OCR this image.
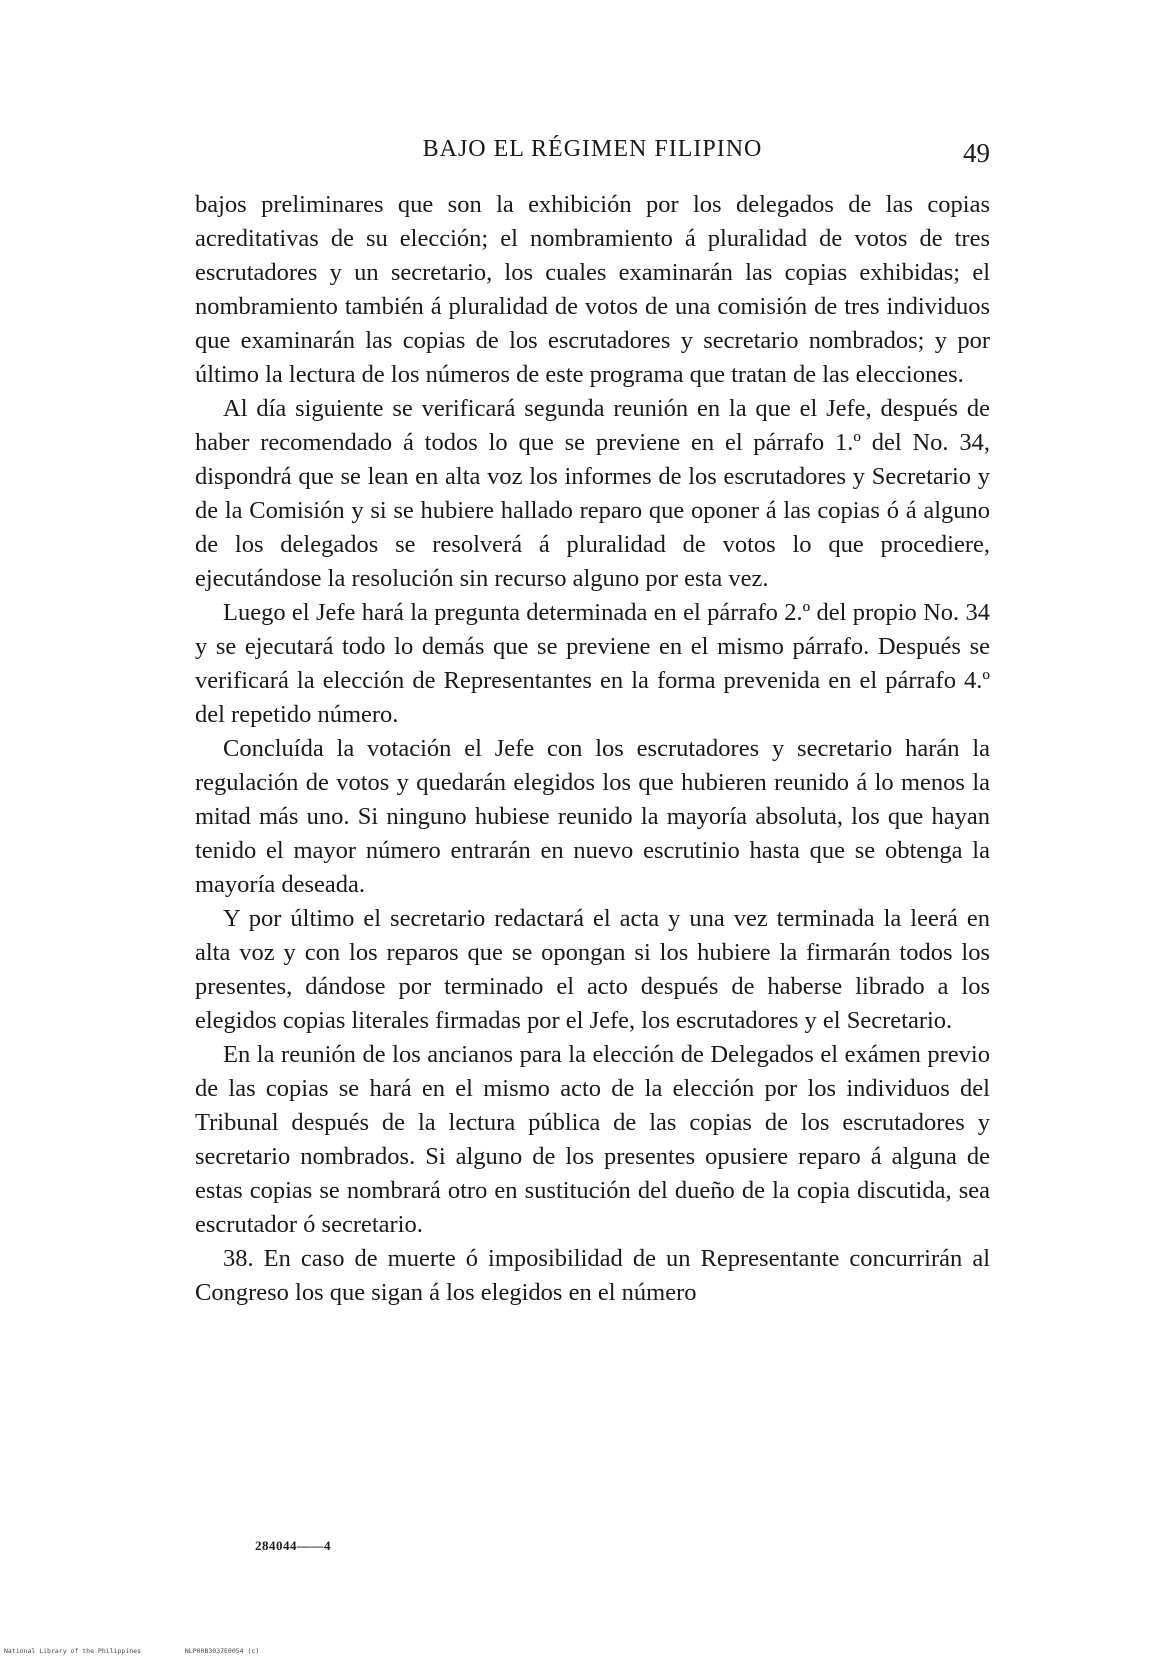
BAJO EL RÉGIMEN FILIPINO	49

bajos preliminares que son la exhibición por los delegados de las copias acreditativas de su elección; el nombramiento á pluralidad de votos de tres escrutadores y un secretario, los cuales examinarán las copias exhibidas; el nombramiento también á pluralidad de votos de una comisión de tres individuos que examinarán las copias de los escrutadores y secretario nombrados; y por último la lectura de los números de este programa que tratan de las elecciones.

Al día siguiente se verificará segunda reunión en la que el Jefe, después de haber recomendado á todos lo que se previene en el párrafo 1.º del No. 34, dispondrá que se lean en alta voz los informes de los escrutadores y Secretario y de la Comisión y si se hubiere hallado reparo que oponer á las copias ó á alguno de los delegados se resolverá á pluralidad de votos lo que procediere, ejecutándose la resolución sin recurso alguno por esta vez.

Luego el Jefe hará la pregunta determinada en el párrafo 2.º del propio No. 34 y se ejecutará todo lo demás que se previene en el mismo párrafo. Después se verificará la elección de Representantes en la forma prevenida en el párrafo 4.º del repetido número.

Concluída la votación el Jefe con los escrutadores y secretario harán la regulación de votos y quedarán elegidos los que hubieren reunido á lo menos la mitad más uno. Si ninguno hubiese reunido la mayoría absoluta, los que hayan tenido el mayor número entrarán en nuevo escrutinio hasta que se obtenga la mayoría deseada.

Y por último el secretario redactará el acta y una vez terminada la leerá en alta voz y con los reparos que se opongan si los hubiere la firmarán todos los presentes, dándose por terminado el acto después de haberse librado a los elegidos copias literales firmadas por el Jefe, los escrutadores y el Secretario.

En la reunión de los ancianos para la elección de Delegados el exámen previo de las copias se hará en el mismo acto de la elección por los individuos del Tribunal después de la lectura pública de las copias de los escrutadores y secretario nombrados. Si alguno de los presentes opusiere reparo á alguna de estas copias se nombrará otro en sustitución del dueño de la copia discutida, sea escrutador ó secretario.

38. En caso de muerte ó imposibilidad de un Representante concurrirán al Congreso los que sigan á los elegidos en el número

284044——4
National Library of the Philippines	NLP00B3037E0054 (c)
